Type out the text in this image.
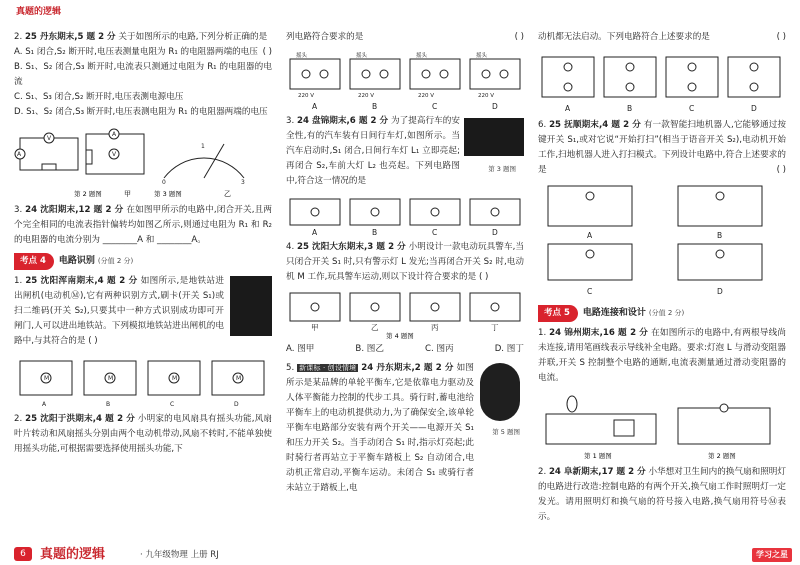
真题的逻辑
2. 25 丹东期末,5 题 2 分 关于如图所示的电路,下列分析正确的是
( )
A. S₁ 闭合,S₂ 断开时,电压表测量电阻为 R₁ 的电阻器两端的电压
B. S₁、S₂ 闭合,S₃ 断开时,电流表只测通过电阻为 R₁ 的电阻器的电流
C. S₁、S₃ 闭合,S₂ 断开时,电压表测电源电压
D. S₁、S₂ 闭合,S₃ 断开时,电压表测电阻为 R₁ 的电阻器两端的电压
A
V
A
V
0
1
3
第 2 题图	甲	第 3 题图	乙
3. 24 沈阳期末,12 题 2 分 在如图甲所示的电路中,闭合开关,且两个完全相同的电流表指针偏转均如图乙所示,则通过电阻为 R₁ 和 R₂ 的电阻器的电流分别为 ________A 和 ________A。
考点 4	电路识别 (分值 2 分)
1. 25 沈阳浑南期末,4 题 2 分 如图所示,是地铁站进出闸机(电动机Ⓜ),它有两种识别方式,刷卡(开关 S₁)或扫二维码(开关 S₂),只要其中一种方式识别成功即可开闸门,人可以进出地铁站。下列模拟地铁站进出闸机的电路中,与其符合的是 ( )
M	M	M	M
A	B	C	D
2. 25 沈阳于洪期末,4 题 2 分 小明家的电风扇具有摇头功能,风扇叶片转动和风扇摇头分别由两个电动机带动,风扇不转时,不能单独使用摇头功能,可根据需要选择使用摇头功能,下
列电路符合要求的是	( )
摇头	摇头	摇头	摇头
220 V	220 V	220 V	220 V
A	B	C	D
3. 24 盘锦期末,6 题 2 分 为了提高行车的安全性,有的汽车装有日间行车灯,如图所示。当汽车启动时,S₁ 闭合,日间行车灯 L₁ 立即亮起;再闭合 S₂,车前大灯 L₂ 也亮起。下列电路图中,符合这一情况的是
第 3 题图
A	B	C	D
4. 25 沈阳大东期末,3 题 2 分 小明设计一款电动玩具警车,当只闭合开关 S₁ 时,只有警示灯 L 发光;当再闭合开关 S₂ 时,电动机 M 工作,玩具警车运动,则以下设计符合要求的是 ( )
甲	乙	丙	丁
第 4 题图
A. 图甲	B. 图乙	C. 图丙	D. 图丁
5. 新课标 · 创设情境 24 丹东期末,2 题 2 分 如图所示是某品牌的单轮平衡车,它是依靠电力驱动及人体平衡能力控制的代步工具。骑行时,蓄电池给平衡车上的电动机提供动力,为了确保安全,该单轮平衡车电路部分安装有两个开关——电源开关 S₁ 和压力开关 S₂。当手动闭合 S₁ 时,指示灯亮起;此时骑行者再站立于平衡车踏板上 S₂ 自动闭合,电动机正常启动,平衡车运动。未闭合 S₁ 或骑行者未站立于踏板上,电
第 5 题图
动机都无法启动。下列电路符合上述要求的是	( )
A	B	C	D
6. 25 抚顺期末,4 题 2 分 有一款智能扫地机器人,它能够通过按键开关 S₁,或对它说“开始打扫”(相当于语音开关 S₂),电动机开始工作,扫地机器人进入打扫模式。下列设计电路中,符合上述要求的是	( )
A	B
C	D
考点 5	电路连接和设计 (分值 2 分)
1. 24 锦州期末,16 题 2 分 在如图所示的电路中,有两根导线尚未连接,请用笔画线表示导线补全电路。要求:灯泡 L 与滑动变阻器并联,开关 S 控制整个电路的通断,电流表测量通过滑动变阻器的电流。
第 1 题图	第 2 题图
2. 24 阜新期末,17 题 2 分 小华想对卫生间内的换气扇和照明灯的电路进行改造:控制电路的有两个开关,换气扇工作时照明灯一定发光。请用照明灯和换气扇的符号接入电路,换气扇用符号Ⓜ表示。
6	真题的逻辑	· 九年级物理 上册 RJ	学习之星
